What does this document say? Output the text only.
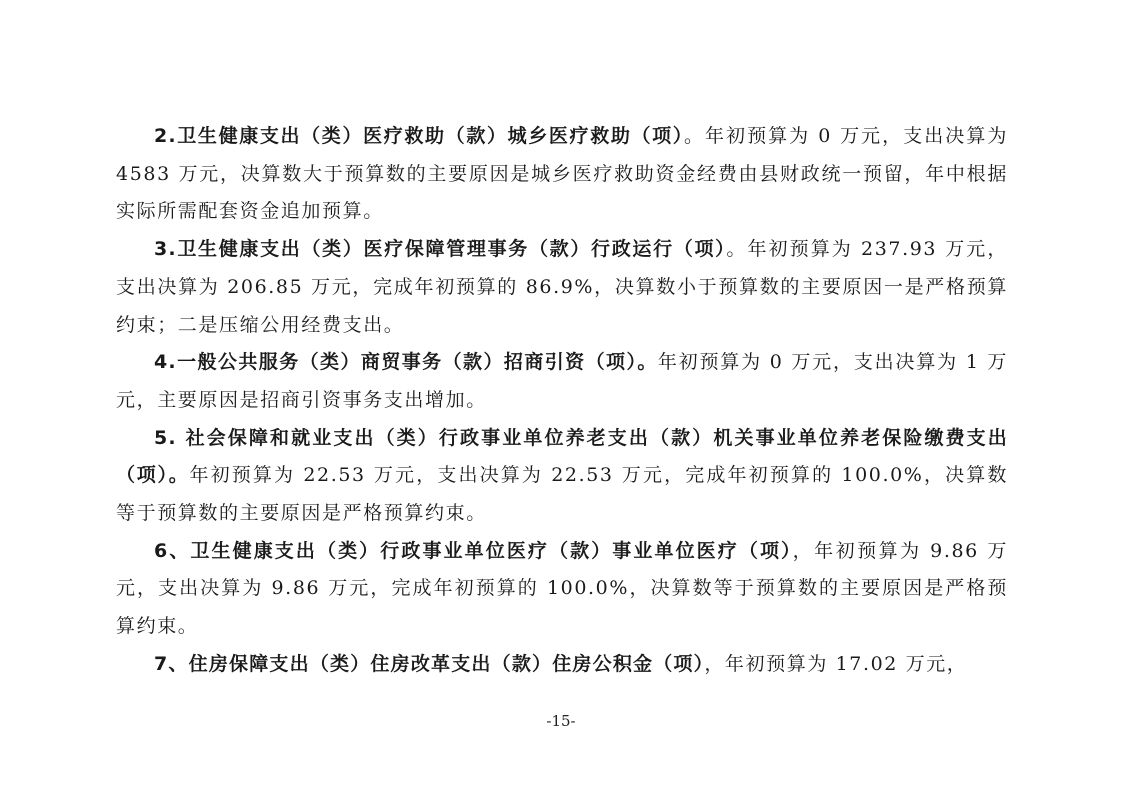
2.卫生健康支出（类）医疗救助（款）城乡医疗救助（项）。年初预算为 0 万元，支出决算为 4583 万元，决算数大于预算数的主要原因是城乡医疗救助资金经费由县财政统一预留，年中根据实际所需配套资金追加预算。

3.卫生健康支出（类）医疗保障管理事务（款）行政运行（项）。年初预算为 237.93 万元，支出决算为 206.85 万元，完成年初预算的 86.9%，决算数小于预算数的主要原因一是严格预算约束；二是压缩公用经费支出。

4.一般公共服务（类）商贸事务（款）招商引资（项）。年初预算为 0 万元，支出决算为 1 万元，主要原因是招商引资事务支出增加。

5. 社会保障和就业支出（类）行政事业单位养老支出（款）机关事业单位养老保险缴费支出（项）。年初预算为 22.53 万元，支出决算为 22.53 万元，完成年初预算的 100.0%，决算数等于预算数的主要原因是严格预算约束。

6、卫生健康支出（类）行政事业单位医疗（款）事业单位医疗（项），年初预算为 9.86 万元，支出决算为 9.86 万元，完成年初预算的 100.0%，决算数等于预算数的主要原因是严格预算约束。

7、住房保障支出（类）住房改革支出（款）住房公积金（项），年初预算为 17.02 万元，

-15-
